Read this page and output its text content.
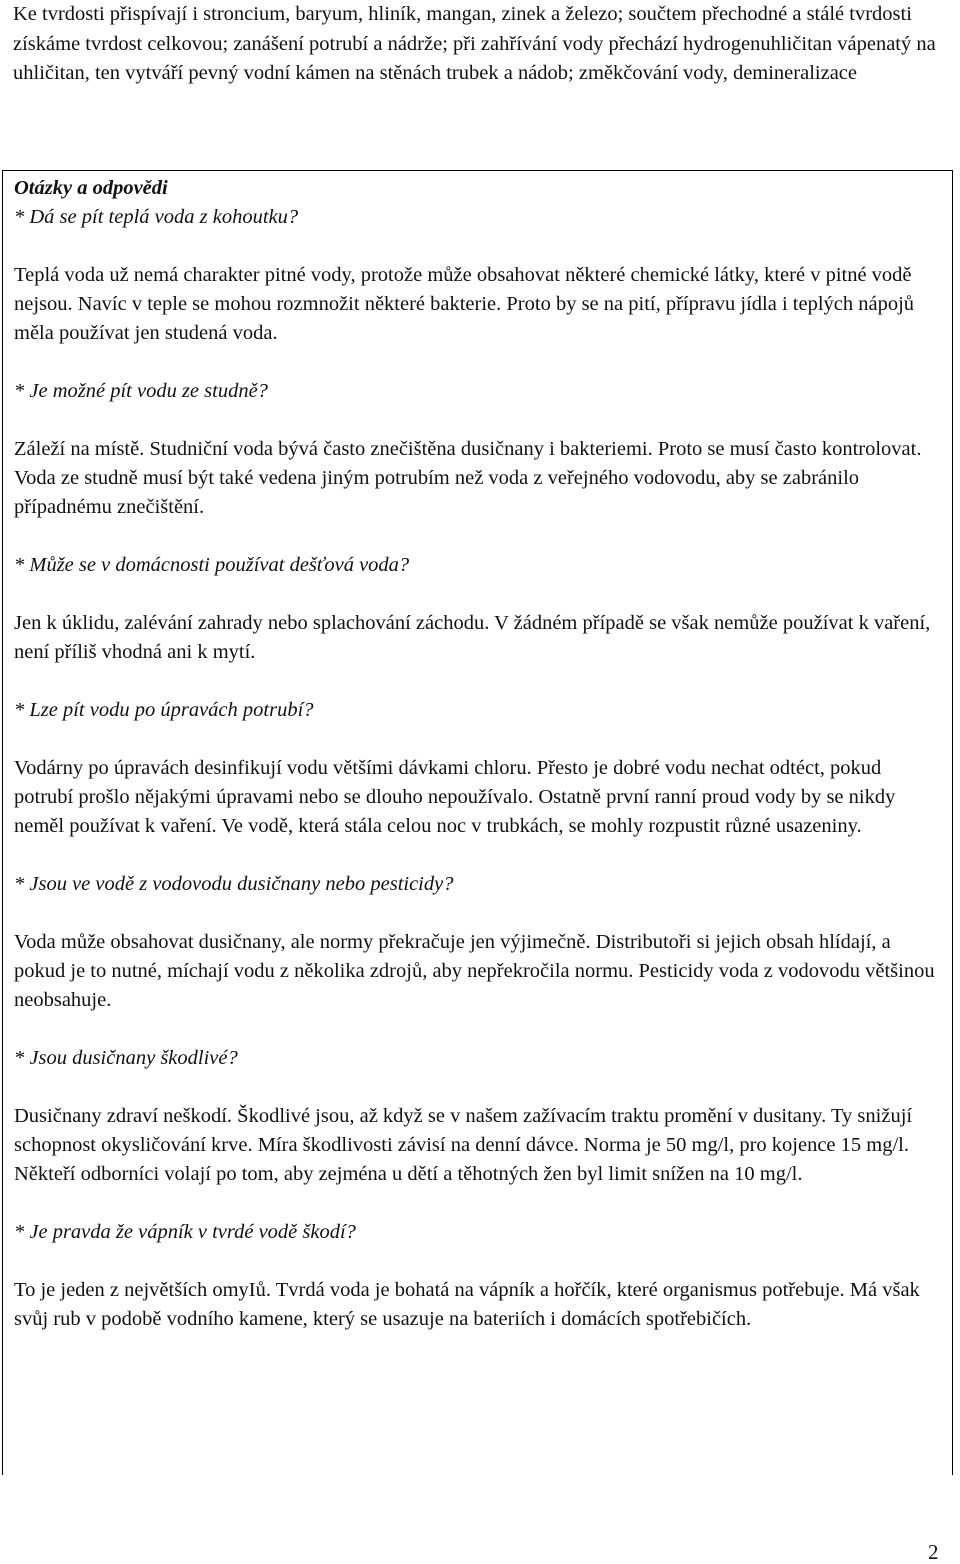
Ke tvrdosti přispívají i stroncium, baryum, hliník, mangan, zinek a železo; součtem přechodné a stálé tvrdosti získáme tvrdost celkovou; zanášení potrubí a nádrže; při zahřívání vody přechází hydrogenuhličitan vápenatý na uhličitan, ten vytváří pevný vodní kámen na stěnách trubek a nádob; změkčování vody, demineralizace

Otázky a odpovědi

* Dá se pít teplá voda z kohoutku?

Teplá voda už nemá charakter pitné vody, protože může obsahovat některé chemické látky, které v pitné vodě nejsou. Navíc v teple se mohou rozmnožit některé bakterie. Proto by se na pití, přípravu jídla i teplých nápojů měla používat jen studená voda.

* Je možné pít vodu ze studně?

Záleží na místě. Studniční voda bývá často znečištěna dusičnany i bakteriemi. Proto se musí často kontrolovat. Voda ze studně musí být také vedena jiným potrubím než voda z veřejného vodovodu, aby se zabránilo případnému znečištění.

* Může se v domácnosti používat dešťová voda?

Jen k úklidu, zalévání zahrady nebo splachování záchodu. V žádném případě se však nemůže používat k vaření, není příliš vhodná ani k mytí.

* Lze pít vodu po úpravách potrubí?

Vodárny po úpravách desinfikují vodu většími dávkami chloru. Přesto je dobré vodu nechat odtéct, pokud potrubí prošlo nějakými úpravami nebo se dlouho nepoužívalo. Ostatně první ranní proud vody by se nikdy neměl používat k vaření. Ve vodě, která stála celou noc v trubkách, se mohly rozpustit různé usazeniny.

* Jsou ve vodě z vodovodu dusičnany nebo pesticidy?

Voda může obsahovat dusičnany, ale normy překračuje jen výjimečně. Distributoři si jejich obsah hlídají, a pokud je to nutné, míchají vodu z několika zdrojů, aby nepřekročila normu. Pesticidy voda z vodovodu většinou neobsahuje.

* Jsou dusičnany škodlivé?

Dusičnany zdraví neškodí. Škodlivé jsou, až když se v našem zažívacím traktu promění v dusitany. Ty snižují schopnost okysličování krve. Míra škodlivosti závisí na denní dávce. Norma je 50 mg/l, pro kojence 15 mg/l. Někteří odborníci volají po tom, aby zejména u dětí a těhotných žen byl limit snížen na 10 mg/l.

* Je pravda že vápník v tvrdé vodě škodí?

To je jeden z největších omyIů. Tvrdá voda je bohatá na vápník a hořčík, které organismus potřebuje. Má však svůj rub v podobě vodního kamene, který se usazuje na bateriích i domácích spotřebičích.

2
